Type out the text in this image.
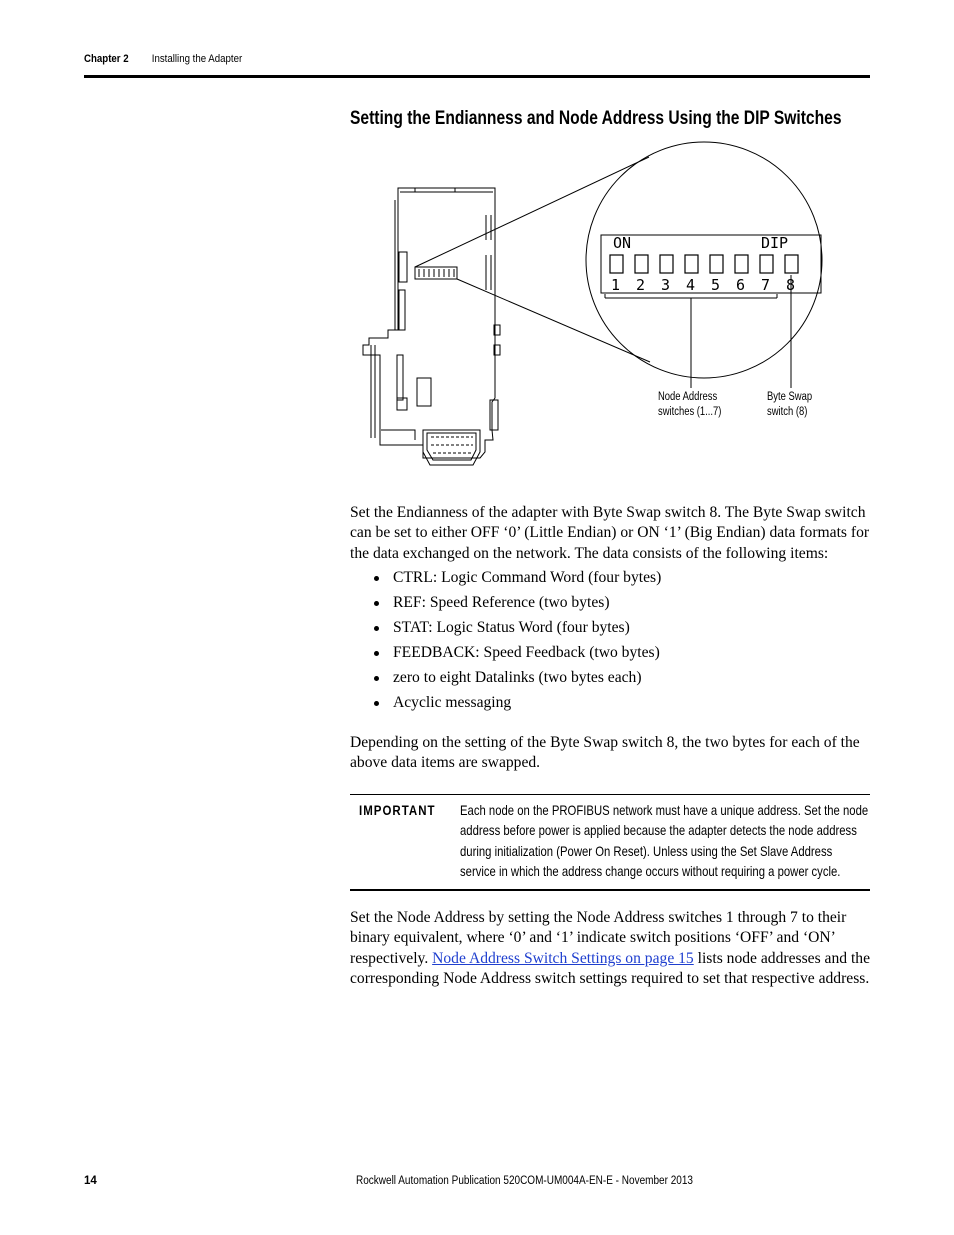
Chapter 2 Installing the Adapter
Setting the Endianness and Node Address Using the DIP Switches
ON	DIP
1 2 3 4 5 6 7 8
Node Address
switches (1...7)
Byte Swap
switch (8)

Set the Endianness of the adapter with Byte Swap switch 8. The Byte Swap switch can be set to either OFF ‘0’ (Little Endian) or ON ‘1’ (Big Endian) data formats for the data exchanged on the network. The data consists of the following items:

CTRL: Logic Command Word (four bytes)
REF: Speed Reference (two bytes)
STAT: Logic Status Word (four bytes)
FEEDBACK: Speed Feedback (two bytes)
zero to eight Datalinks (two bytes each)
Acyclic messaging

Depending on the setting of the Byte Swap switch 8, the two bytes for each of the above data items are swapped.

IMPORTANT Each node on the PROFIBUS network must have a unique address. Set the node address before power is applied because the adapter detects the node address during initialization (Power On Reset). Unless using the Set Slave Address service in which the address change occurs without requiring a power cycle.

Set the Node Address by setting the Node Address switches 1 through 7 to their binary equivalent, where ‘0’ and ‘1’ indicate switch positions ‘OFF’ and ‘ON’ respectively. Node Address Switch Settings on page 15 lists node addresses and the corresponding Node Address switch settings required to set that respective address.

14	Rockwell Automation Publication 520COM-UM004A-EN-E - November 2013
